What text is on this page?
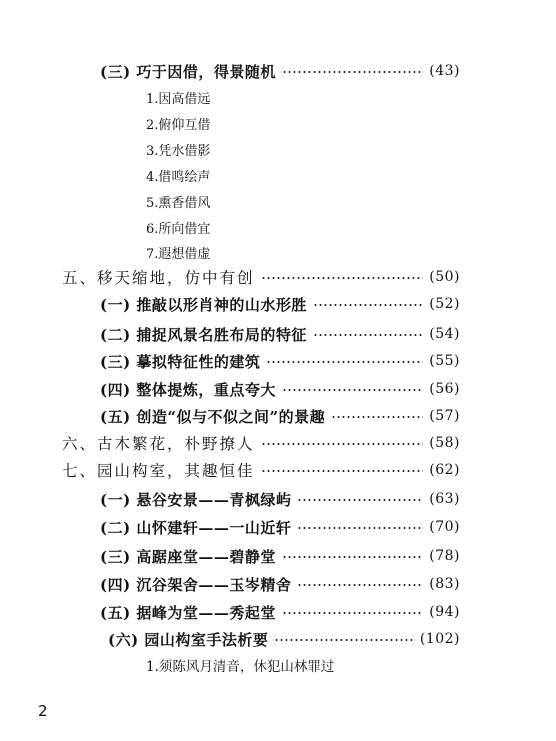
(三) 巧于因借，得景随机	(43)
1.因高借远
2.俯仰互借
3.凭水借影
4.借鸣绘声
5.熏香借风
6.所向借宜
7.遐想借虚
五、移天缩地，仿中有创	(50)
(一) 推敲以形肖神的山水形胜	(52)
(二) 捕捉风景名胜布局的特征	(54)
(三) 摹拟特征性的建筑	(55)
(四) 整体提炼，重点夸大	(56)
(五) 创造“似与不似之间”的景趣	(57)
六、古木繁花，朴野撩人	(58)
七、园山构室，其趣恒佳	(62)
(一) 悬谷安景——青枫绿屿	(63)
(二) 山怀建轩——一山近轩	(70)
(三) 高踞座堂——碧静堂	(78)
(四) 沉谷架舍——玉岑精舍	(83)
(五) 据峰为堂——秀起堂	(94)
(六) 园山构室手法析要	(102)
1.须陈风月清音，休犯山林罪过
2
